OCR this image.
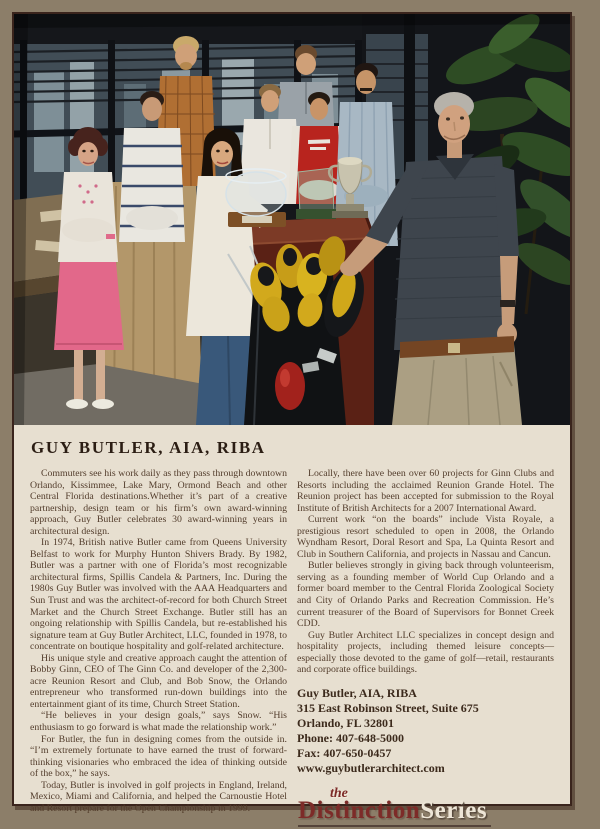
GUY BUTLER, AIA, RIBA

Commuters see his work daily as they pass through downtown Orlando, Kissimmee, Lake Mary, Ormond Beach and other Central Florida destinations.Whether it’s part of a creative partnership, design team or his firm’s own award-winning approach, Guy Butler celebrates 30 award-winning years in architectural design.

In 1974, British native Butler came from Queens University Belfast to work for Murphy Hunton Shivers Brady. By 1982, Butler was a partner with one of Florida’s most recognizable architectural firms, Spillis Candela & Partners, Inc. During the 1980s Guy Butler was involved with the AAA Headquarters and Sun Trust and was the architect-of-record for both Church Street Market and the Church Street Exchange. Butler still has an ongoing relationship with Spillis Candela, but re-established his signature team at Guy Butler Architect, LLC, founded in 1978, to concentrate on boutique hospitality and golf-related architecture.

His unique style and creative approach caught the attention of Bobby Ginn, CEO of The Ginn Co. and developer of the 2,300-acre Reunion Resort and Club, and Bob Snow, the Orlando entrepreneur who transformed run-down buildings into the entertainment giant of its time, Church Street Station.

“He believes in your design goals,” says Snow. “His enthusiasm to go forward is what made the relationship work.”

For Butler, the fun in designing comes from the outside in. “I’m extremely fortunate to have earned the trust of forward-thinking visionaries who embraced the idea of thinking outside of the box,” he says.

Today, Butler is involved in golf projects in England, Ireland, Mexico, Miami and California, and helped the Carnoustie Hotel and Resort prepare for the Open Championship in 1999.

Locally, there have been over 60 projects for Ginn Clubs and Resorts including the acclaimed Reunion Grande Hotel. The Reunion project has been accepted for submission to the Royal Institute of British Architects for a 2007 International Award.

Current work “on the boards” include Vista Royale, a prestigious resort scheduled to open in 2008, the Orlando Wyndham Resort, Doral Resort and Spa, La Quinta Resort and Club in Southern California, and projects in Nassau and Cancun.

Butler believes strongly in giving back through volunteerism, serving as a founding member of World Cup Orlando and a former board member to the Central Florida Zoological Society and City of Orlando Parks and Recreation Commission. He’s current treasurer of the Board of Supervisors for Bonnet Creek CDD.

Guy Butler Architect LLC specializes in concept design and hospitality projects, including themed leisure concepts—especially those devoted to the game of golf—retail, restaurants and corporate office buildings.

Guy Butler, AIA, RIBA
315 East Robinson Street, Suite 675
Orlando, FL 32801
Phone: 407-648-5000
Fax: 407-650-0457
www.guybutlerarchitect.com
the
DistinctionSeries
